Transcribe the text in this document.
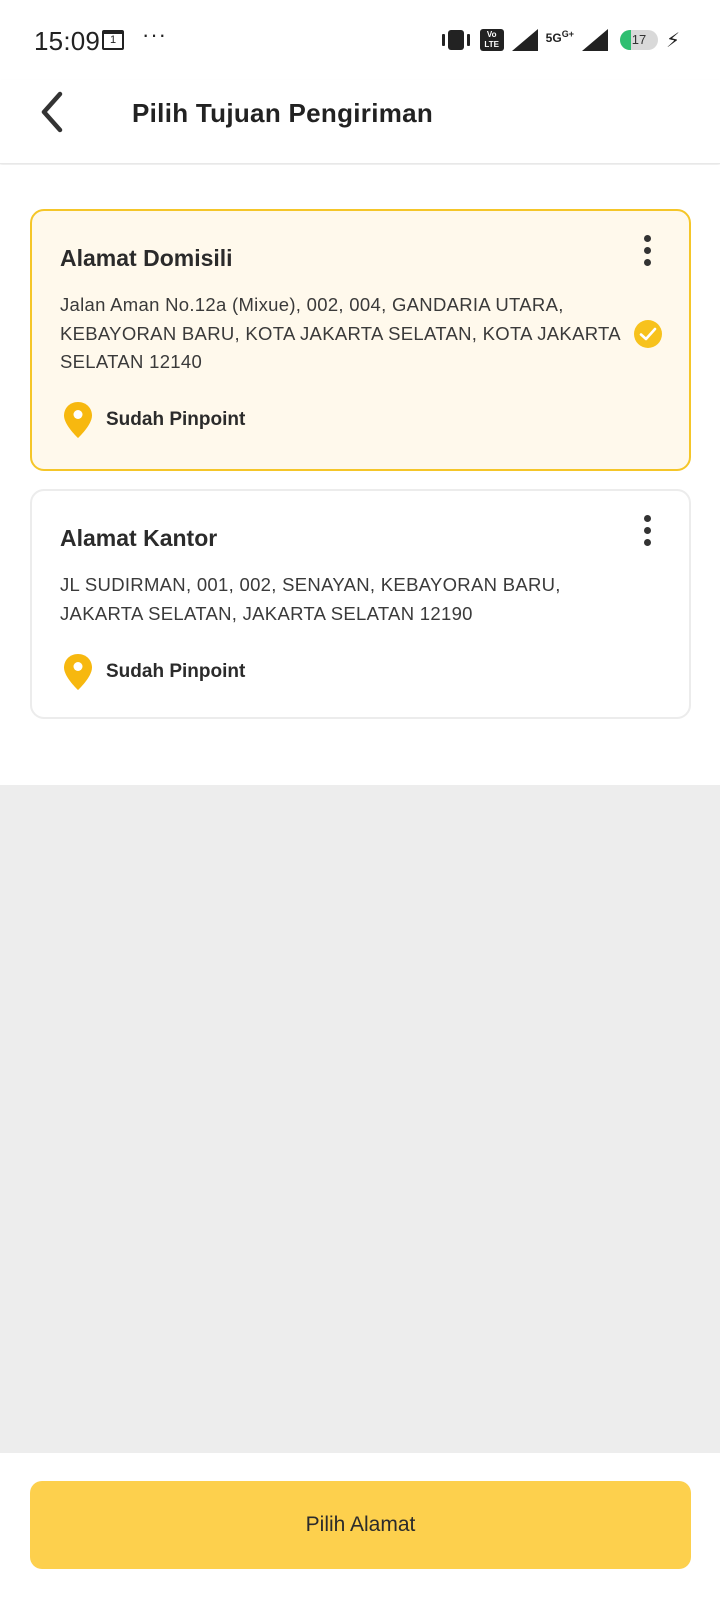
15:09 1	···	Vo LTE	$5G^{G+}$	17 ⚡︎
Pilih Tujuan Pengiriman
Alamat Domisili
Jalan Aman No.12a (Mixue), 002, 004, GANDARIA UTARA, KEBAYORAN BARU, KOTA JAKARTA SELATAN, KOTA JAKARTA SELATAN 12140
Sudah Pinpoint
Alamat Kantor
JL SUDIRMAN, 001, 002, SENAYAN, KEBAYORAN BARU, JAKARTA SELATAN, JAKARTA SELATAN 12190
Sudah Pinpoint
Pilih Alamat
